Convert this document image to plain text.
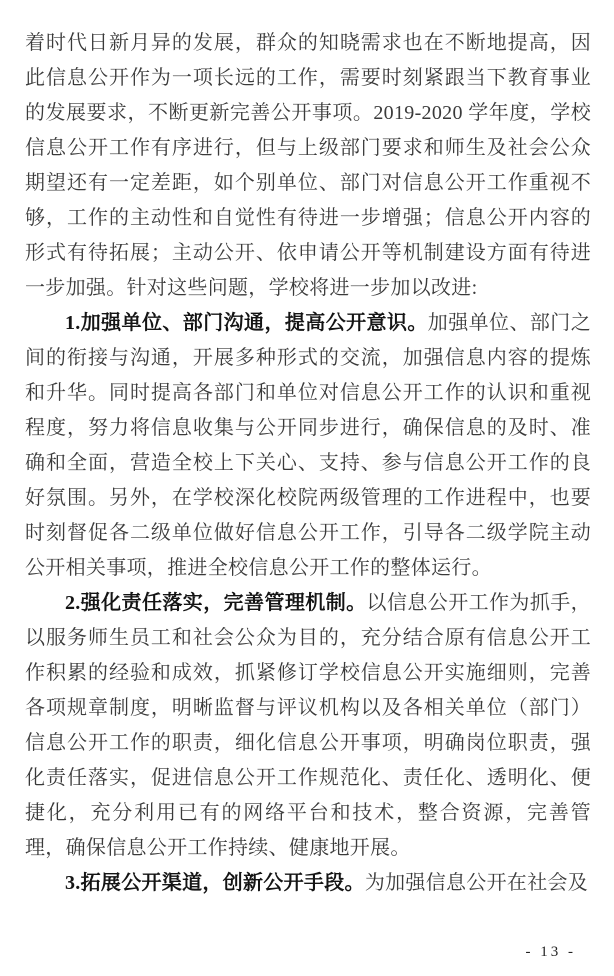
着时代日新月异的发展，群众的知晓需求也在不断地提高，因此信息公开作为一项长远的工作，需要时刻紧跟当下教育事业的发展要求，不断更新完善公开事项。2019-2020 学年度，学校信息公开工作有序进行，但与上级部门要求和师生及社会公众期望还有一定差距，如个别单位、部门对信息公开工作重视不够，工作的主动性和自觉性有待进一步增强；信息公开内容的形式有待拓展；主动公开、依申请公开等机制建设方面有待进一步加强。针对这些问题，学校将进一步加以改进:

1.加强单位、部门沟通，提高公开意识。加强单位、部门之间的衔接与沟通，开展多种形式的交流，加强信息内容的提炼和升华。同时提高各部门和单位对信息公开工作的认识和重视程度，努力将信息收集与公开同步进行，确保信息的及时、准确和全面，营造全校上下关心、支持、参与信息公开工作的良好氛围。另外，在学校深化校院两级管理的工作进程中，也要时刻督促各二级单位做好信息公开工作，引导各二级学院主动公开相关事项，推进全校信息公开工作的整体运行。

2.强化责任落实，完善管理机制。以信息公开工作为抓手，以服务师生员工和社会公众为目的，充分结合原有信息公开工作积累的经验和成效，抓紧修订学校信息公开实施细则，完善各项规章制度，明晰监督与评议机构以及各相关单位（部门）信息公开工作的职责，细化信息公开事项，明确岗位职责，强化责任落实，促进信息公开工作规范化、责任化、透明化、便捷化，充分利用已有的网络平台和技术，整合资源，完善管理，确保信息公开工作持续、健康地开展。

3.拓展公开渠道，创新公开手段。为加强信息公开在社会及

- 13 -
